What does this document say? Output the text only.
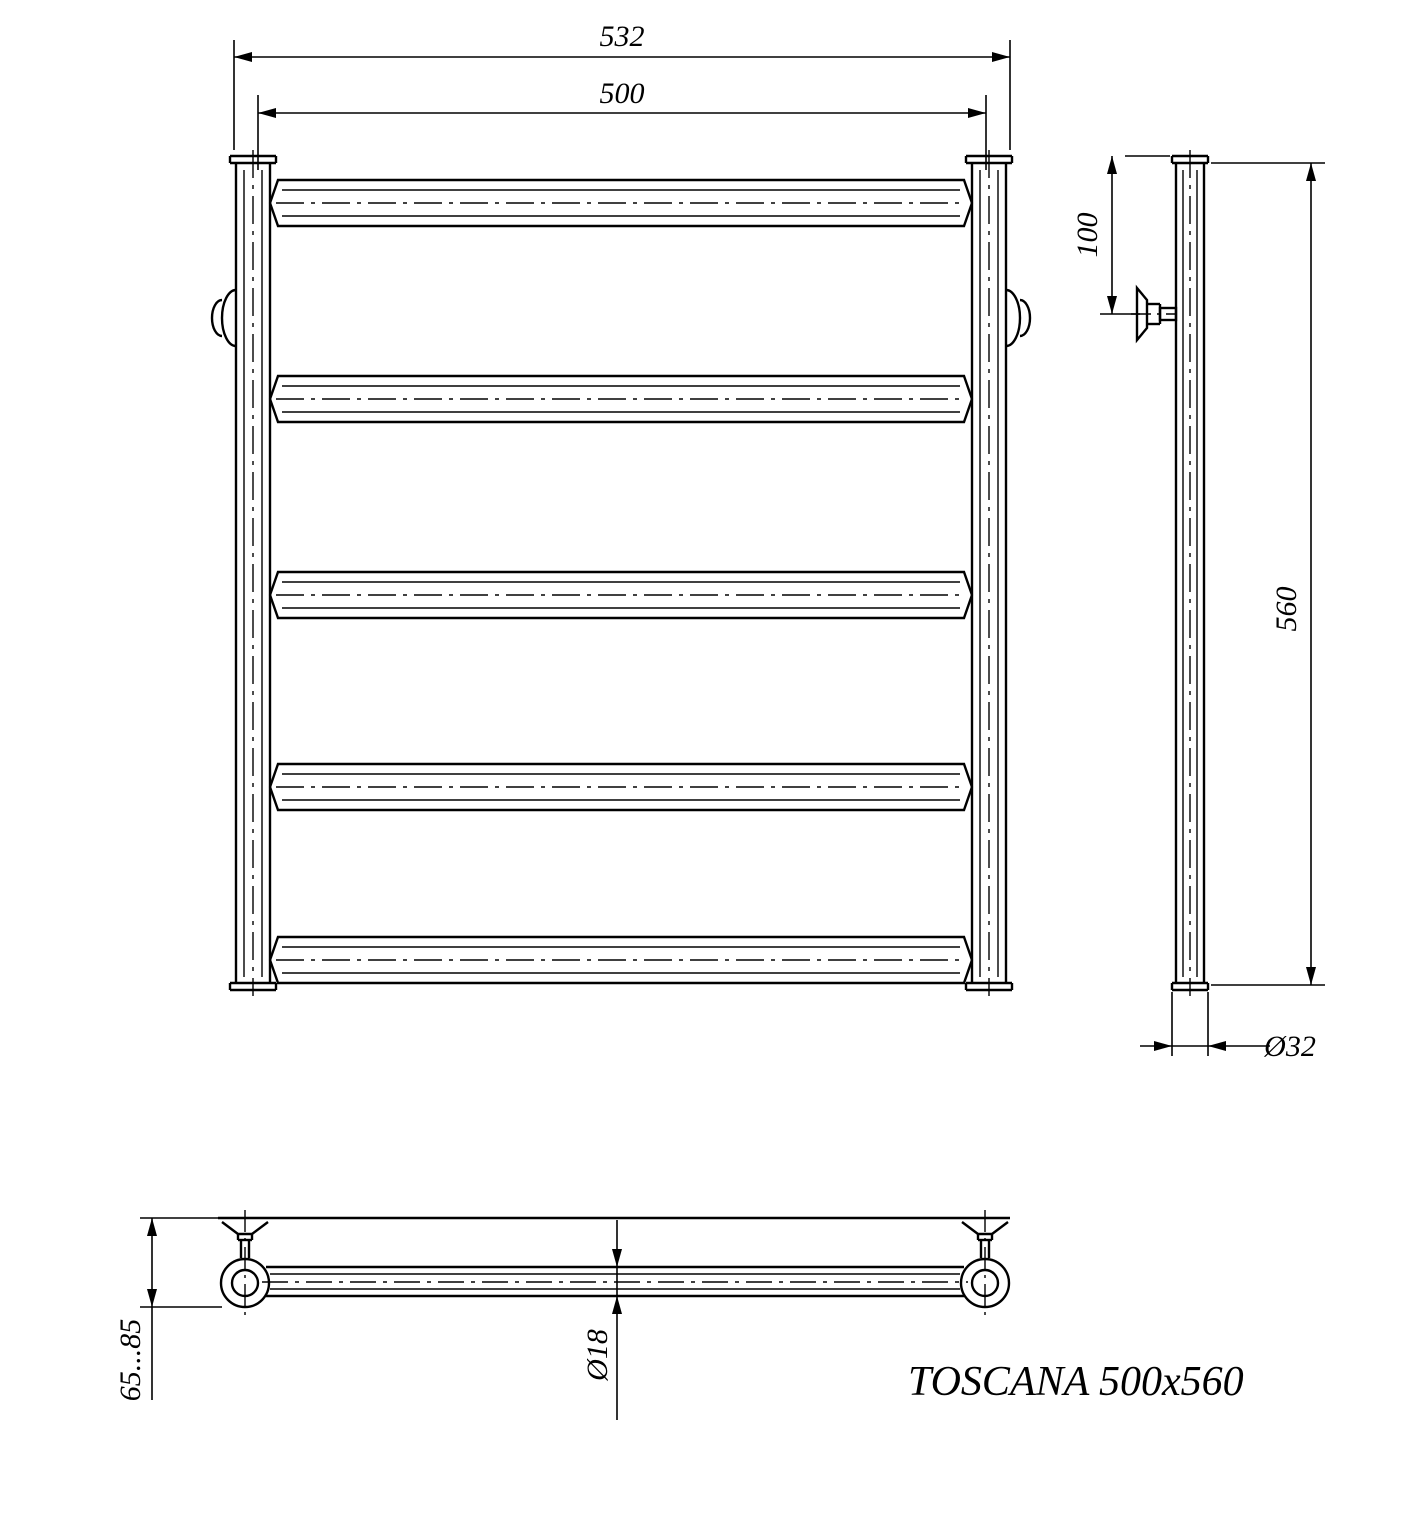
532
500
100
560
Ø32
65...85	Ø18
TOSCANA 500x560
